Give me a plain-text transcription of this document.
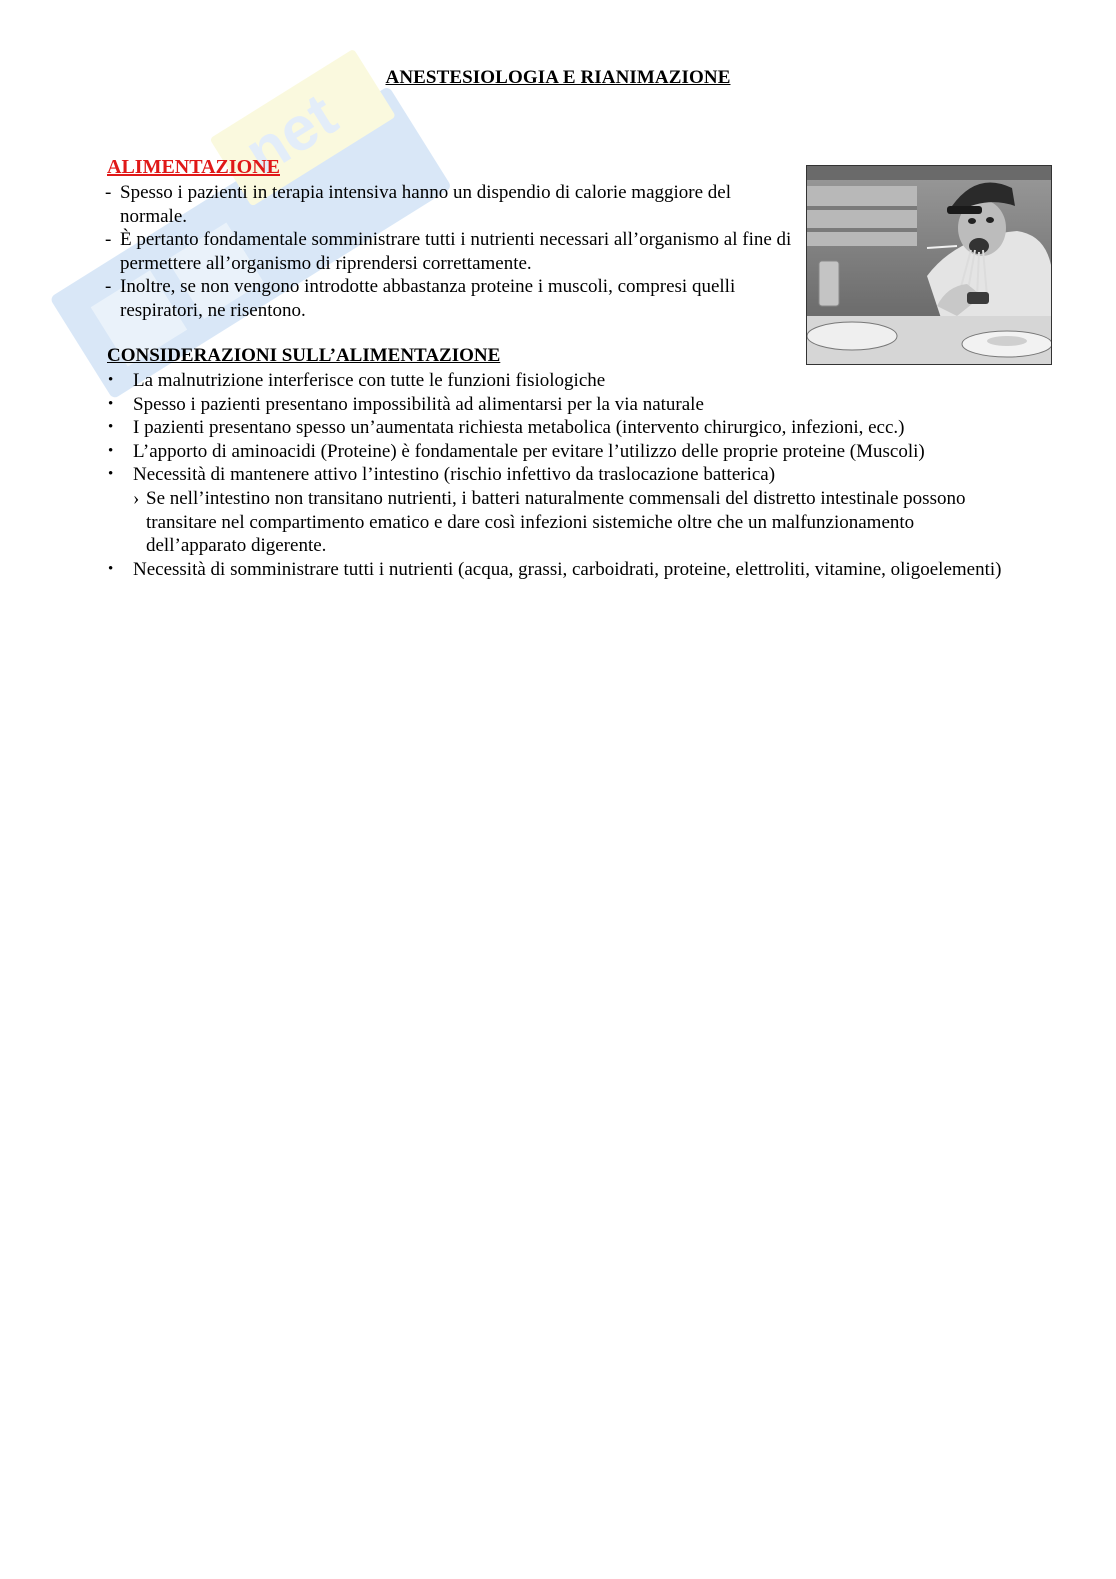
net
ANESTESIOLOGIA E RIANIMAZIONE
ALIMENTAZIONE
- Spesso i pazienti in terapia intensiva hanno un dispendio di calorie maggiore del normale.
- È pertanto fondamentale somministrare tutti i nutrienti necessari all’organismo al fine di permettere all’organismo di riprendersi correttamente.
- Inoltre, se non vengono introdotte abbastanza proteine i muscoli, compresi quelli respiratori, ne risentono.
CONSIDERAZIONI SULL’ALIMENTAZIONE
• La malnutrizione interferisce con tutte le funzioni fisiologiche
• Spesso i pazienti presentano impossibilità ad alimentarsi per la via naturale
• I pazienti presentano spesso un’aumentata richiesta metabolica (intervento chirurgico, infezioni, ecc.)
• L’apporto di aminoacidi (Proteine) è fondamentale per evitare l’utilizzo delle proprie proteine (Muscoli)
• Necessità di mantenere attivo l’intestino (rischio infettivo da traslocazione batterica)
› Se nell’intestino non transitano nutrienti, i batteri naturalmente commensali del distretto intestinale possono transitare nel compartimento ematico e dare così infezioni sistemiche oltre che un malfunzionamento dell’apparato digerente.
• Necessità di somministrare tutti i nutrienti (acqua, grassi, carboidrati, proteine, elettroliti, vitamine, oligoelementi)
